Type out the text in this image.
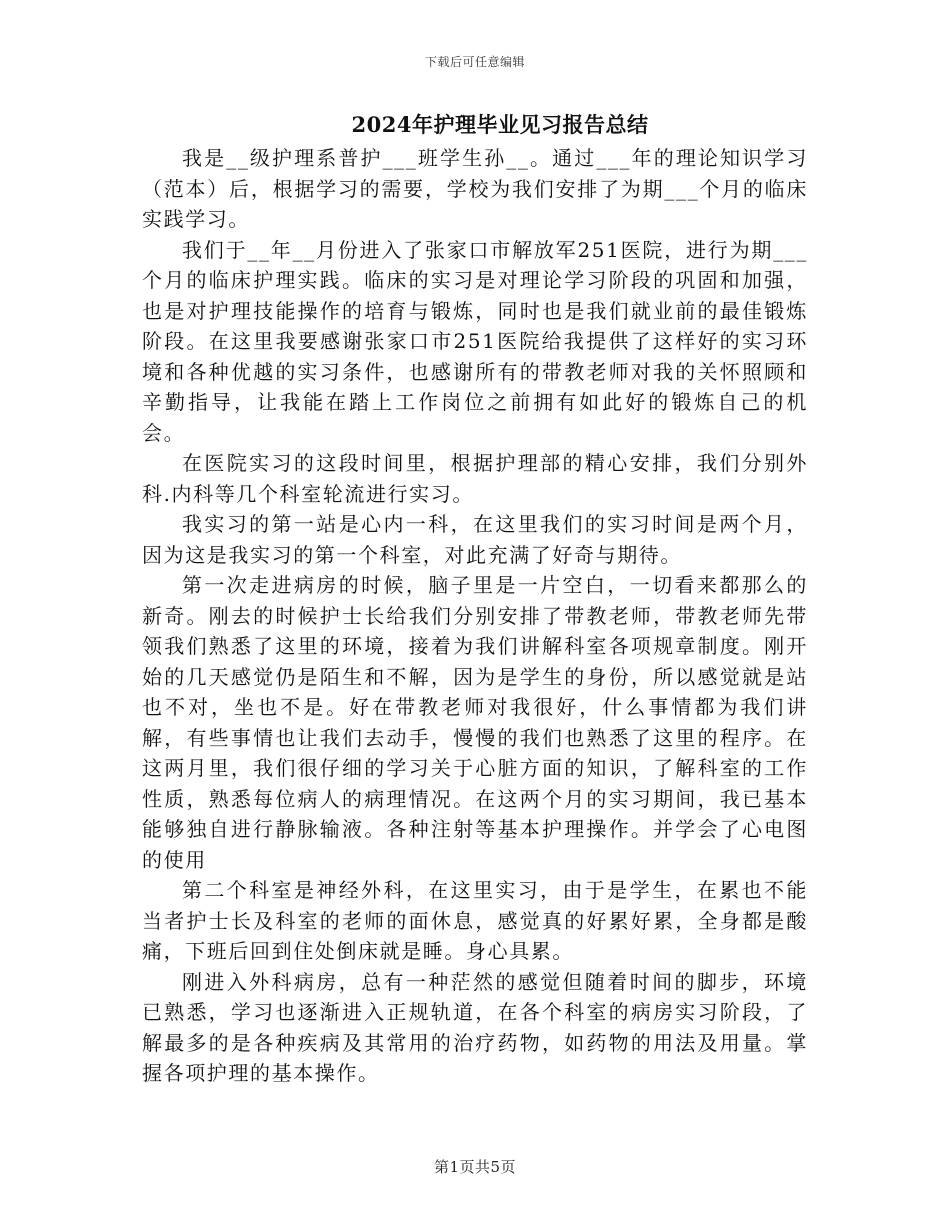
下载后可任意编辑
2024年护理毕业见习报告总结

我是__级护理系普护___班学生孙__。通过___年的理论知识学习（范本）后，根据学习的需要，学校为我们安排了为期___个月的临床实践学习。

我们于__年__月份进入了张家口市解放军251医院，进行为期___个月的临床护理实践。临床的实习是对理论学习阶段的巩固和加强，也是对护理技能操作的培育与锻炼，同时也是我们就业前的最佳锻炼阶段。在这里我要感谢张家口市251医院给我提供了这样好的实习环境和各种优越的实习条件，也感谢所有的带教老师对我的关怀照顾和辛勤指导，让我能在踏上工作岗位之前拥有如此好的锻炼自己的机会。

在医院实习的这段时间里，根据护理部的精心安排，我们分别外科.内科等几个科室轮流进行实习。

我实习的第一站是心内一科，在这里我们的实习时间是两个月，因为这是我实习的第一个科室，对此充满了好奇与期待。

第一次走进病房的时候，脑子里是一片空白，一切看来都那么的新奇。刚去的时候护士长给我们分别安排了带教老师，带教老师先带领我们熟悉了这里的环境，接着为我们讲解科室各项规章制度。刚开始的几天感觉仍是陌生和不解，因为是学生的身份，所以感觉就是站也不对，坐也不是。好在带教老师对我很好，什么事情都为我们讲解，有些事情也让我们去动手，慢慢的我们也熟悉了这里的程序。在这两月里，我们很仔细的学习关于心脏方面的知识，了解科室的工作性质，熟悉每位病人的病理情况。在这两个月的实习期间，我已基本能够独自进行静脉输液。各种注射等基本护理操作。并学会了心电图的使用

第二个科室是神经外科，在这里实习，由于是学生，在累也不能当者护士长及科室的老师的面休息，感觉真的好累好累，全身都是酸痛，下班后回到住处倒床就是睡。身心具累。

刚进入外科病房，总有一种茫然的感觉但随着时间的脚步，环境已熟悉，学习也逐渐进入正规轨道，在各个科室的病房实习阶段，了解最多的是各种疾病及其常用的治疗药物，如药物的用法及用量。掌握各项护理的基本操作。

第1页共5页
